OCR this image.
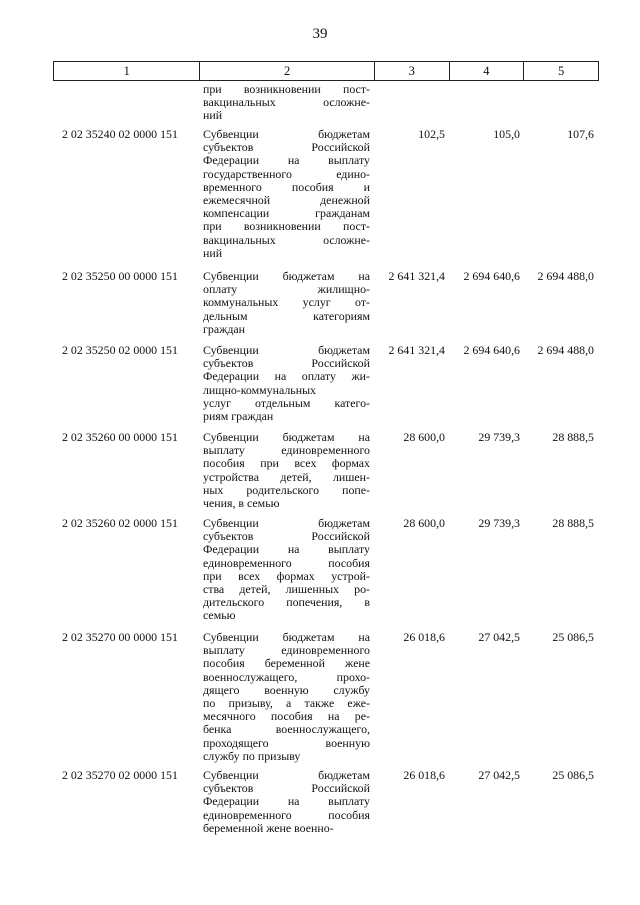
39
1	2	3	4	5
при возникновении пост-
вакцинальных осложне-
ний
2 02 35240 02 0000 151	Субвенции бюджетам
субъектов Российской
Федерации на выплату
государственного едино-
временного пособия и
ежемесячной денежной
компенсации гражданам
при возникновении пост-
вакцинальных осложне-
ний
102,5	105,0	107,6
2 02 35250 00 0000 151	Субвенции бюджетам на
оплату жилищно-
коммунальных услуг от-
дельным категориям
граждан
2 641 321,4	2 694 640,6	2 694 488,0
2 02 35250 02 0000 151	Субвенции бюджетам
субъектов Российской
Федерации на оплату жи-
лищно-коммунальных
услуг отдельным катего-
риям граждан
2 641 321,4	2 694 640,6	2 694 488,0
2 02 35260 00 0000 151	Субвенции бюджетам на
выплату единовременного
пособия при всех формах
устройства детей, лишен-
ных родительского попе-
чения, в семью
28 600,0	29 739,3	28 888,5
2 02 35260 02 0000 151	Субвенции бюджетам
субъектов Российской
Федерации на выплату
единовременного пособия
при всех формах устрой-
ства детей, лишенных ро-
дительского попечения, в
семью
28 600,0	29 739,3	28 888,5
2 02 35270 00 0000 151	Субвенции бюджетам на
выплату единовременного
пособия беременной жене
военнослужащего, прохо-
дящего военную службу
по призыву, а также еже-
месячного пособия на ре-
бенка военнослужащего,
проходящего военную
службу по призыву
26 018,6	27 042,5	25 086,5
2 02 35270 02 0000 151	Субвенции бюджетам
субъектов Российской
Федерации на выплату
единовременного пособия
беременной жене военно-
26 018,6	27 042,5	25 086,5
